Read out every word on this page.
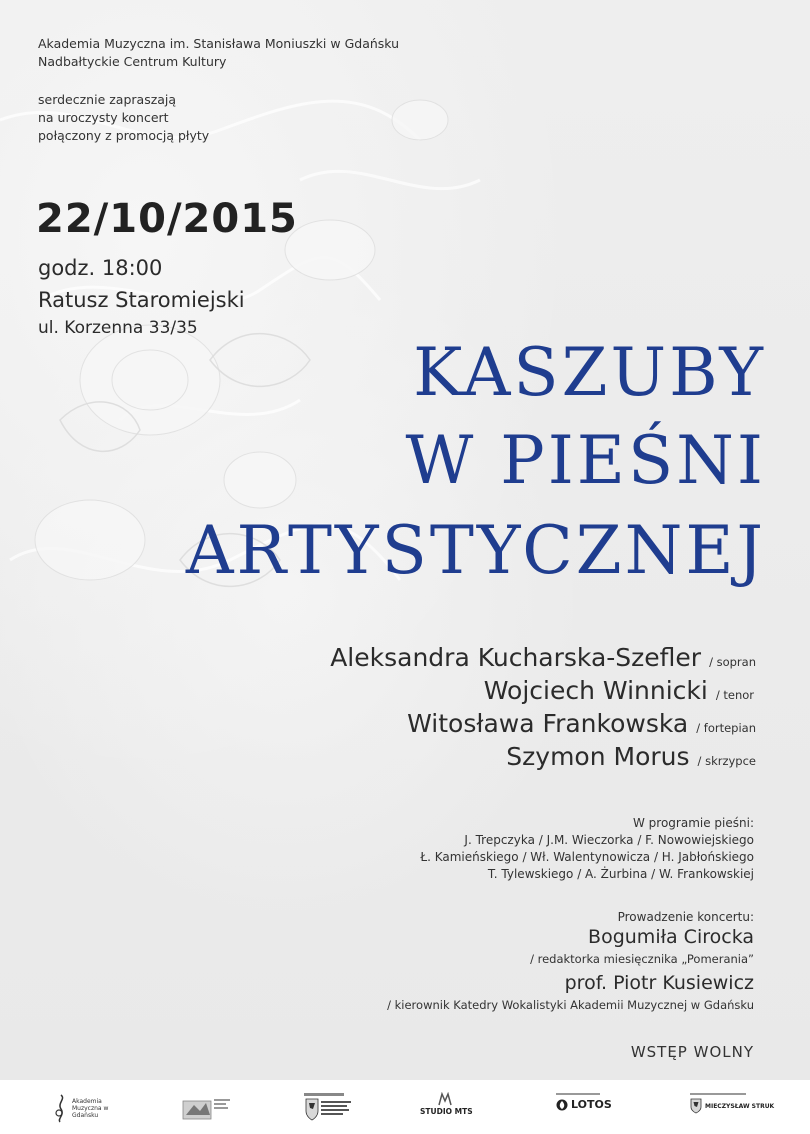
Akademia Muzyczna im. Stanisława Moniuszki w Gdańsku
Nadbałtyckie Centrum Kultury
serdecznie zapraszają
na uroczysty koncert
połączony z promocją płyty
22/10/2015
godz. 18:00
Ratusz Staromiejski
ul. Korzenna 33/35
KASZUBY
W PIEŚNI
ARTYSTYCZNEJ
Aleksandra Kucharska-Szefler / sopran
Wojciech Winnicki / tenor
Witosława Frankowska / fortepian
Szymon Morus / skrzypce
W programie pieśni:
J. Trepczyka / J.M. Wieczorka / F. Nowowiejskiego
Ł. Kamieńskiego / Wł. Walentynowicza / H. Jabłońskiego
T. Tylewskiego / A. Żurbina / W. Frankowskiej
Prowadzenie koncertu:
Bogumiła Cirocka
/ redaktorka miesięcznika „Pomerania”
prof. Piotr Kusiewicz
/ kierownik Katedry Wokalistyki Akademii Muzycznej w Gdańsku
WSTĘP WOLNY
Akademia Muzyczna w Gdańsku	STUDIO MTS
LOTOS	MIECZYSŁAW STRUK
